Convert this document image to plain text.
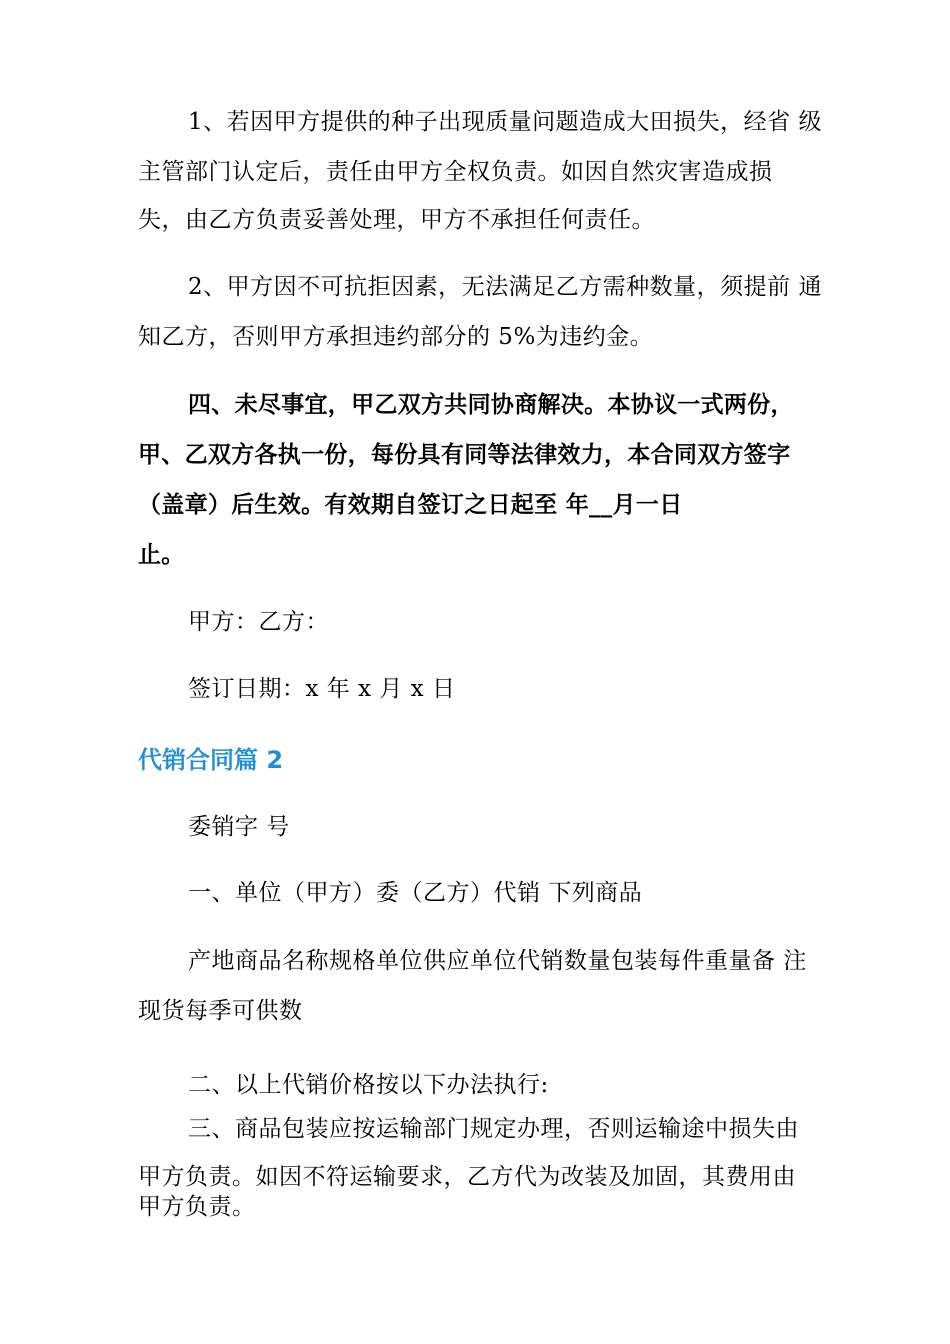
1、若因甲方提供的种子出现质量问题造成大田损失，经省 级
主管部门认定后，责任由甲方全权负责。如因自然灾害造成损
失，由乙方负责妥善处理，甲方不承担任何责任。
2、甲方因不可抗拒因素，无法满足乙方需种数量，须提前 通
知乙方，否则甲方承担违约部分的 5%为违约金。
四、未尽事宜，甲乙双方共同协商解决。本协议一式两份，
甲、乙双方各执一份，每份具有同等法律效力，本合同双方签字
（盖章）后生效。有效期自签订之日起至 年__月一日
止。
甲方：乙方：
签订日期：x 年 x 月 x 日
代销合同篇 2
委销字 号
一、单位（甲方）委（乙方）代销 下列商品
产地商品名称规格单位供应单位代销数量包装每件重量备 注
现货每季可供数
二、以上代销价格按以下办法执行:
三、商品包装应按运输部门规定办理，否则运输途中损失由
甲方负责。如因不符运输要求，乙方代为改装及加固，其费用由
甲方负责。
